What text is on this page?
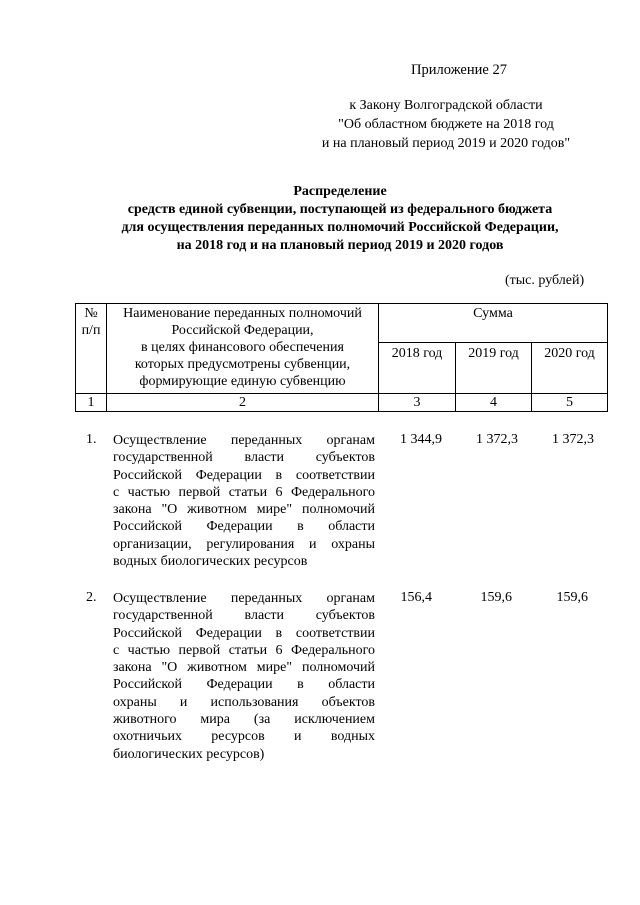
Приложение 27
к Закону Волгоградской области
"Об областном бюджете на 2018 год
и на плановый период 2019 и 2020 годов"
Распределение
средств единой субвенции, поступающей из федерального бюджета
для осуществления переданных полномочий Российской Федерации,
на 2018 год и на плановый период 2019 и 2020 годов
(тыс. рублей)
№
п/п
Наименование переданных полномочий
Российской Федерации,
в целях финансового обеспечения
которых предусмотрены субвенции,
формирующие единую субвенцию
Сумма
2018 год	2019 год	2020 год
1	2	3	4	5
1. Осуществление переданных органам
государственной власти субъектов
Российской Федерации в соответствии
с частью первой статьи 6 Федерального
закона "О животном мире" полномочий
Российской Федерации в области
организации, регулирования и охраны
водных биологических ресурсов
1 344,9	1 372,3	1 372,3
2. Осуществление переданных органам
государственной власти субъектов
Российской Федерации в соответствии
с частью первой статьи 6 Федерального
закона "О животном мире" полномочий
Российской Федерации в области
охраны и использования объектов
животного мира (за исключением
охотничьих ресурсов и водных
биологических ресурсов)
156,4	159,6	159,6
